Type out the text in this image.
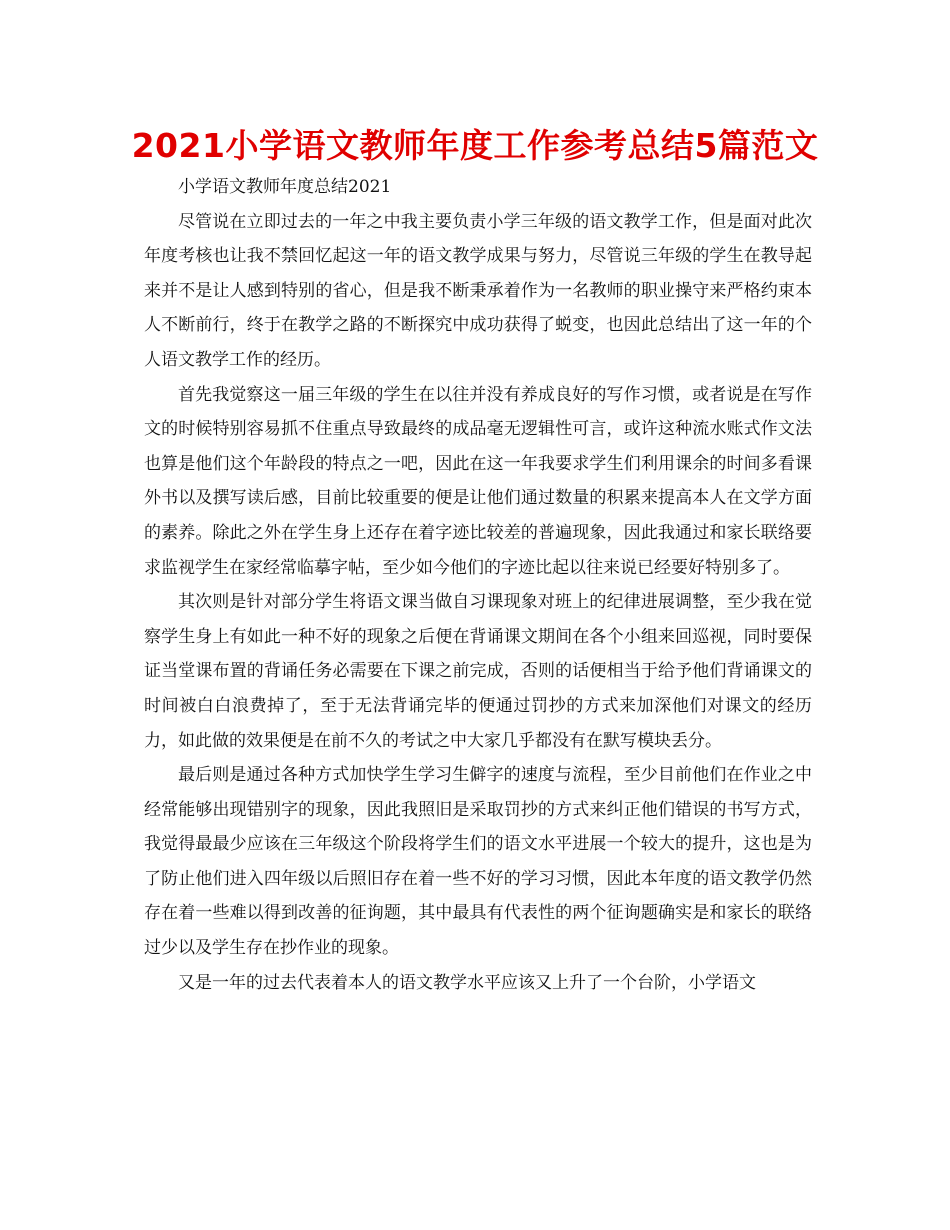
2021小学语文教师年度工作参考总结5篇范文

小学语文教师年度总结2021

尽管说在立即过去的一年之中我主要负责小学三年级的语文教学工作，但是面对此次年度考核也让我不禁回忆起这一年的语文教学成果与努力，尽管说三年级的学生在教导起来并不是让人感到特别的省心，但是我不断秉承着作为一名教师的职业操守来严格约束本人不断前行，终于在教学之路的不断探究中成功获得了蜕变，也因此总结出了这一年的个人语文教学工作的经历。

首先我觉察这一届三年级的学生在以往并没有养成良好的写作习惯，或者说是在写作文的时候特别容易抓不住重点导致最终的成品毫无逻辑性可言，或许这种流水账式作文法也算是他们这个年龄段的特点之一吧，因此在这一年我要求学生们利用课余的时间多看课外书以及撰写读后感，目前比较重要的便是让他们通过数量的积累来提高本人在文学方面的素养。除此之外在学生身上还存在着字迹比较差的普遍现象，因此我通过和家长联络要求监视学生在家经常临摹字帖，至少如今他们的字迹比起以往来说已经要好特别多了。

其次则是针对部分学生将语文课当做自习课现象对班上的纪律进展调整，至少我在觉察学生身上有如此一种不好的现象之后便在背诵课文期间在各个小组来回巡视，同时要保证当堂课布置的背诵任务必需要在下课之前完成，否则的话便相当于给予他们背诵课文的时间被白白浪费掉了，至于无法背诵完毕的便通过罚抄的方式来加深他们对课文的经历力，如此做的效果便是在前不久的考试之中大家几乎都没有在默写模块丢分。

最后则是通过各种方式加快学生学习生僻字的速度与流程，至少目前他们在作业之中经常能够出现错别字的现象，因此我照旧是采取罚抄的方式来纠正他们错误的书写方式，我觉得最最少应该在三年级这个阶段将学生们的语文水平进展一个较大的提升，这也是为了防止他们进入四年级以后照旧存在着一些不好的学习习惯，因此本年度的语文教学仍然存在着一些难以得到改善的征询题，其中最具有代表性的两个征询题确实是和家长的联络过少以及学生存在抄作业的现象。

又是一年的过去代表着本人的语文教学水平应该又上升了一个台阶，小学语文
